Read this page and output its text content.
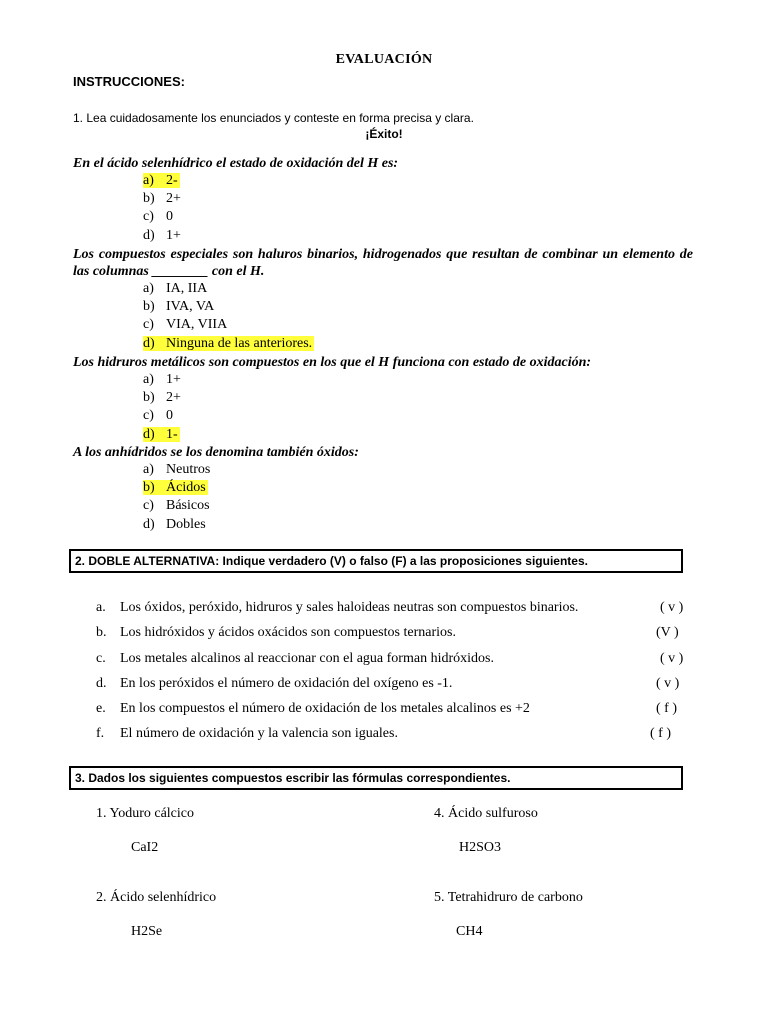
EVALUACIÓN
INSTRUCCIONES:
1. Lea cuidadosamente los enunciados y conteste en forma precisa y clara.
¡Éxito!
En el ácido selenhídrico el estado de oxidación del H es:
a) 2-
b) 2+
c) 0
d) 1+
Los compuestos especiales son haluros binarios, hidrogenados que resultan de combinar un elemento de las columnas ________ con el H.
a) IA, IIA
b) IVA, VA
c) VIA, VIIA
d) Ninguna de las anteriores.
Los hidruros metálicos son compuestos en los que el H funciona con estado de oxidación:
a) 1+
b) 2+
c) 0
d) 1-
A los anhídridos se los denomina también óxidos:
a) Neutros
b) Ácidos
c) Básicos
d) Dobles
2. DOBLE ALTERNATIVA: Indique verdadero (V) o falso (F) a las proposiciones siguientes.
a. Los óxidos, peróxido, hidruros y sales haloideas neutras son compuestos binarios.	( v )
b. Los hidróxidos y ácidos oxácidos son compuestos ternarios.	(V )
c. Los metales alcalinos al reaccionar con el agua forman hidróxidos.	( v )
d. En los peróxidos el número de oxidación del oxígeno es -1.	( v )
e. En los compuestos el número de oxidación de los metales alcalinos es +2	( f )
f. El número de oxidación y la valencia son iguales.	( f )
3. Dados los siguientes compuestos escribir las fórmulas correspondientes.
1. Yoduro cálcico
CaI2
4. Ácido sulfuroso
H2SO3
2. Ácido selenhídrico
H2Se
5. Tetrahidruro de carbono
CH4
